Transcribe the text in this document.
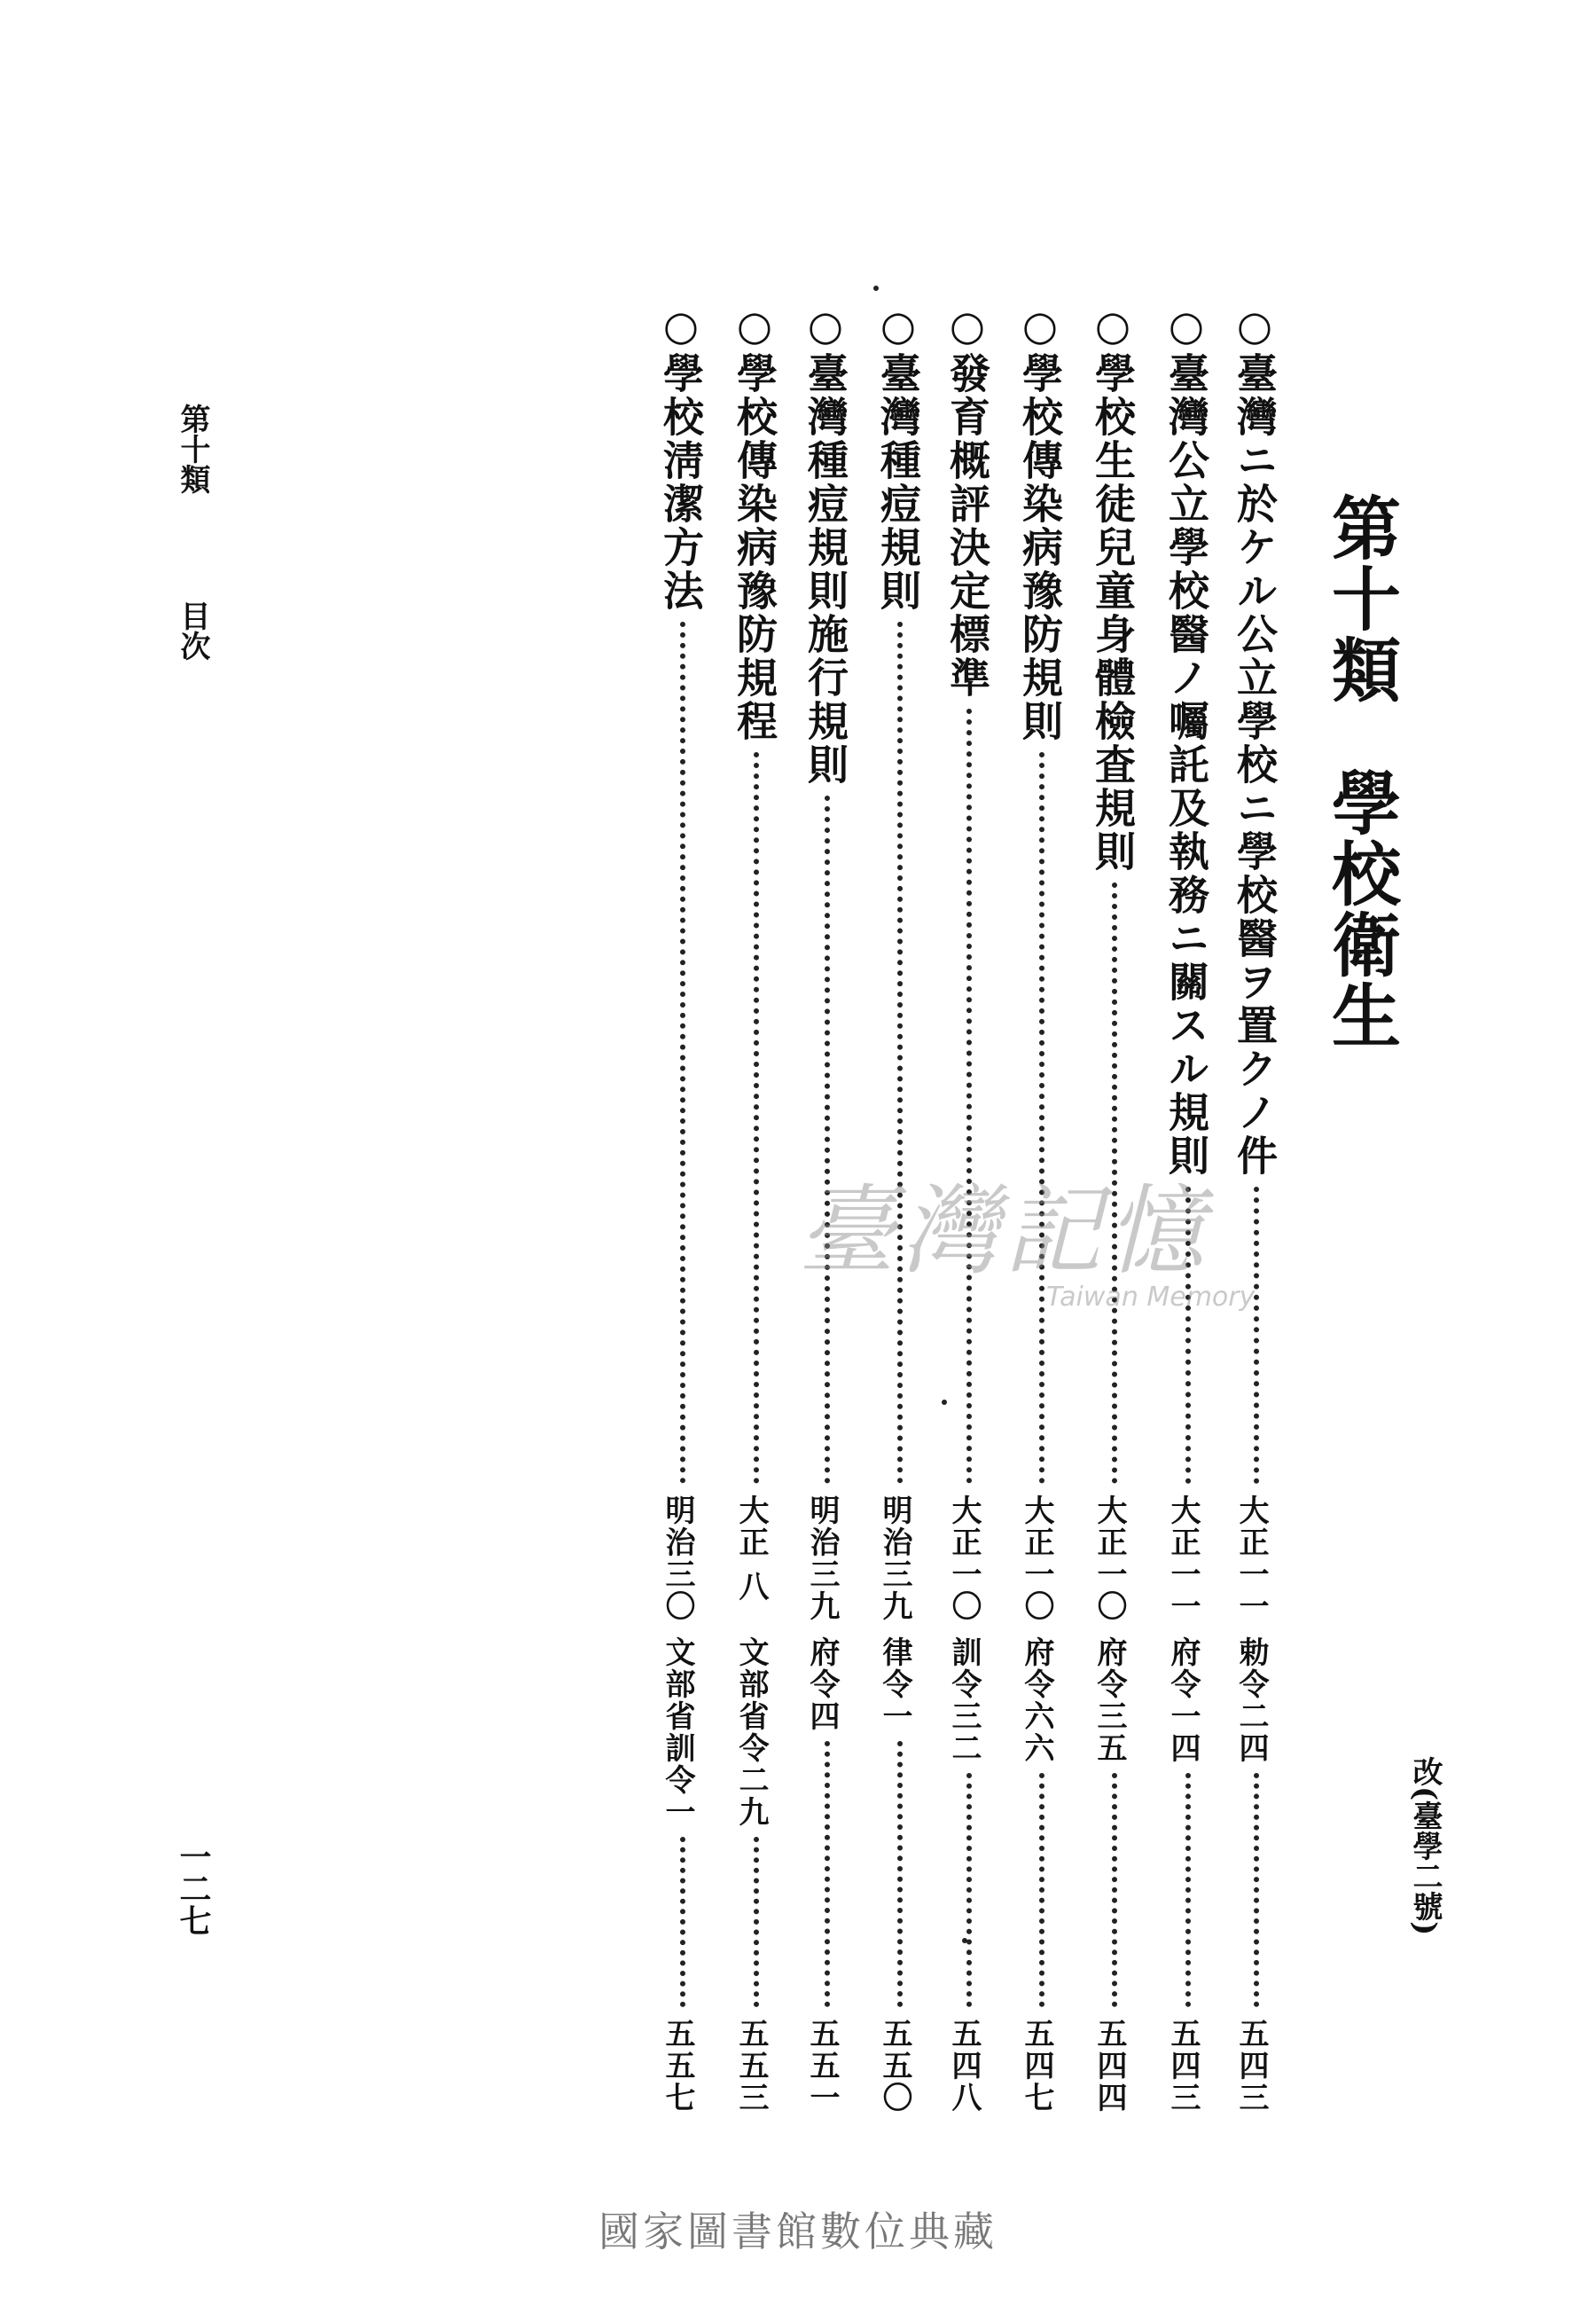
第十類學校衛生
改(臺學二號)
○臺灣ニ於ケル公立學校ニ學校醫ヲ置クノ件
大正一一
勅令二四
五四三
○臺灣公立學校醫ノ囑託及執務ニ關スル規則
大正一一
府令一四
五四三
○學校生徒兒童身體檢査規則
大正一〇
府令三五
五四四
○學校傳染病豫防規則
大正一〇
府令六六
五四七
○發育概評決定標準
大正一〇
訓令三二
五四八
○臺灣種痘規則
明治三九
律令一
五五〇
○臺灣種痘規則施行規則
明治三九
府令四
五五一
○學校傳染病豫防規程
大正 八
文部省令二九
五五三
○學校淸潔方法
明治三〇
文部省訓令一
五五七
第十類目次
一二七
臺灣記憶
Taiwan Memory
國家圖書館數位典藏
